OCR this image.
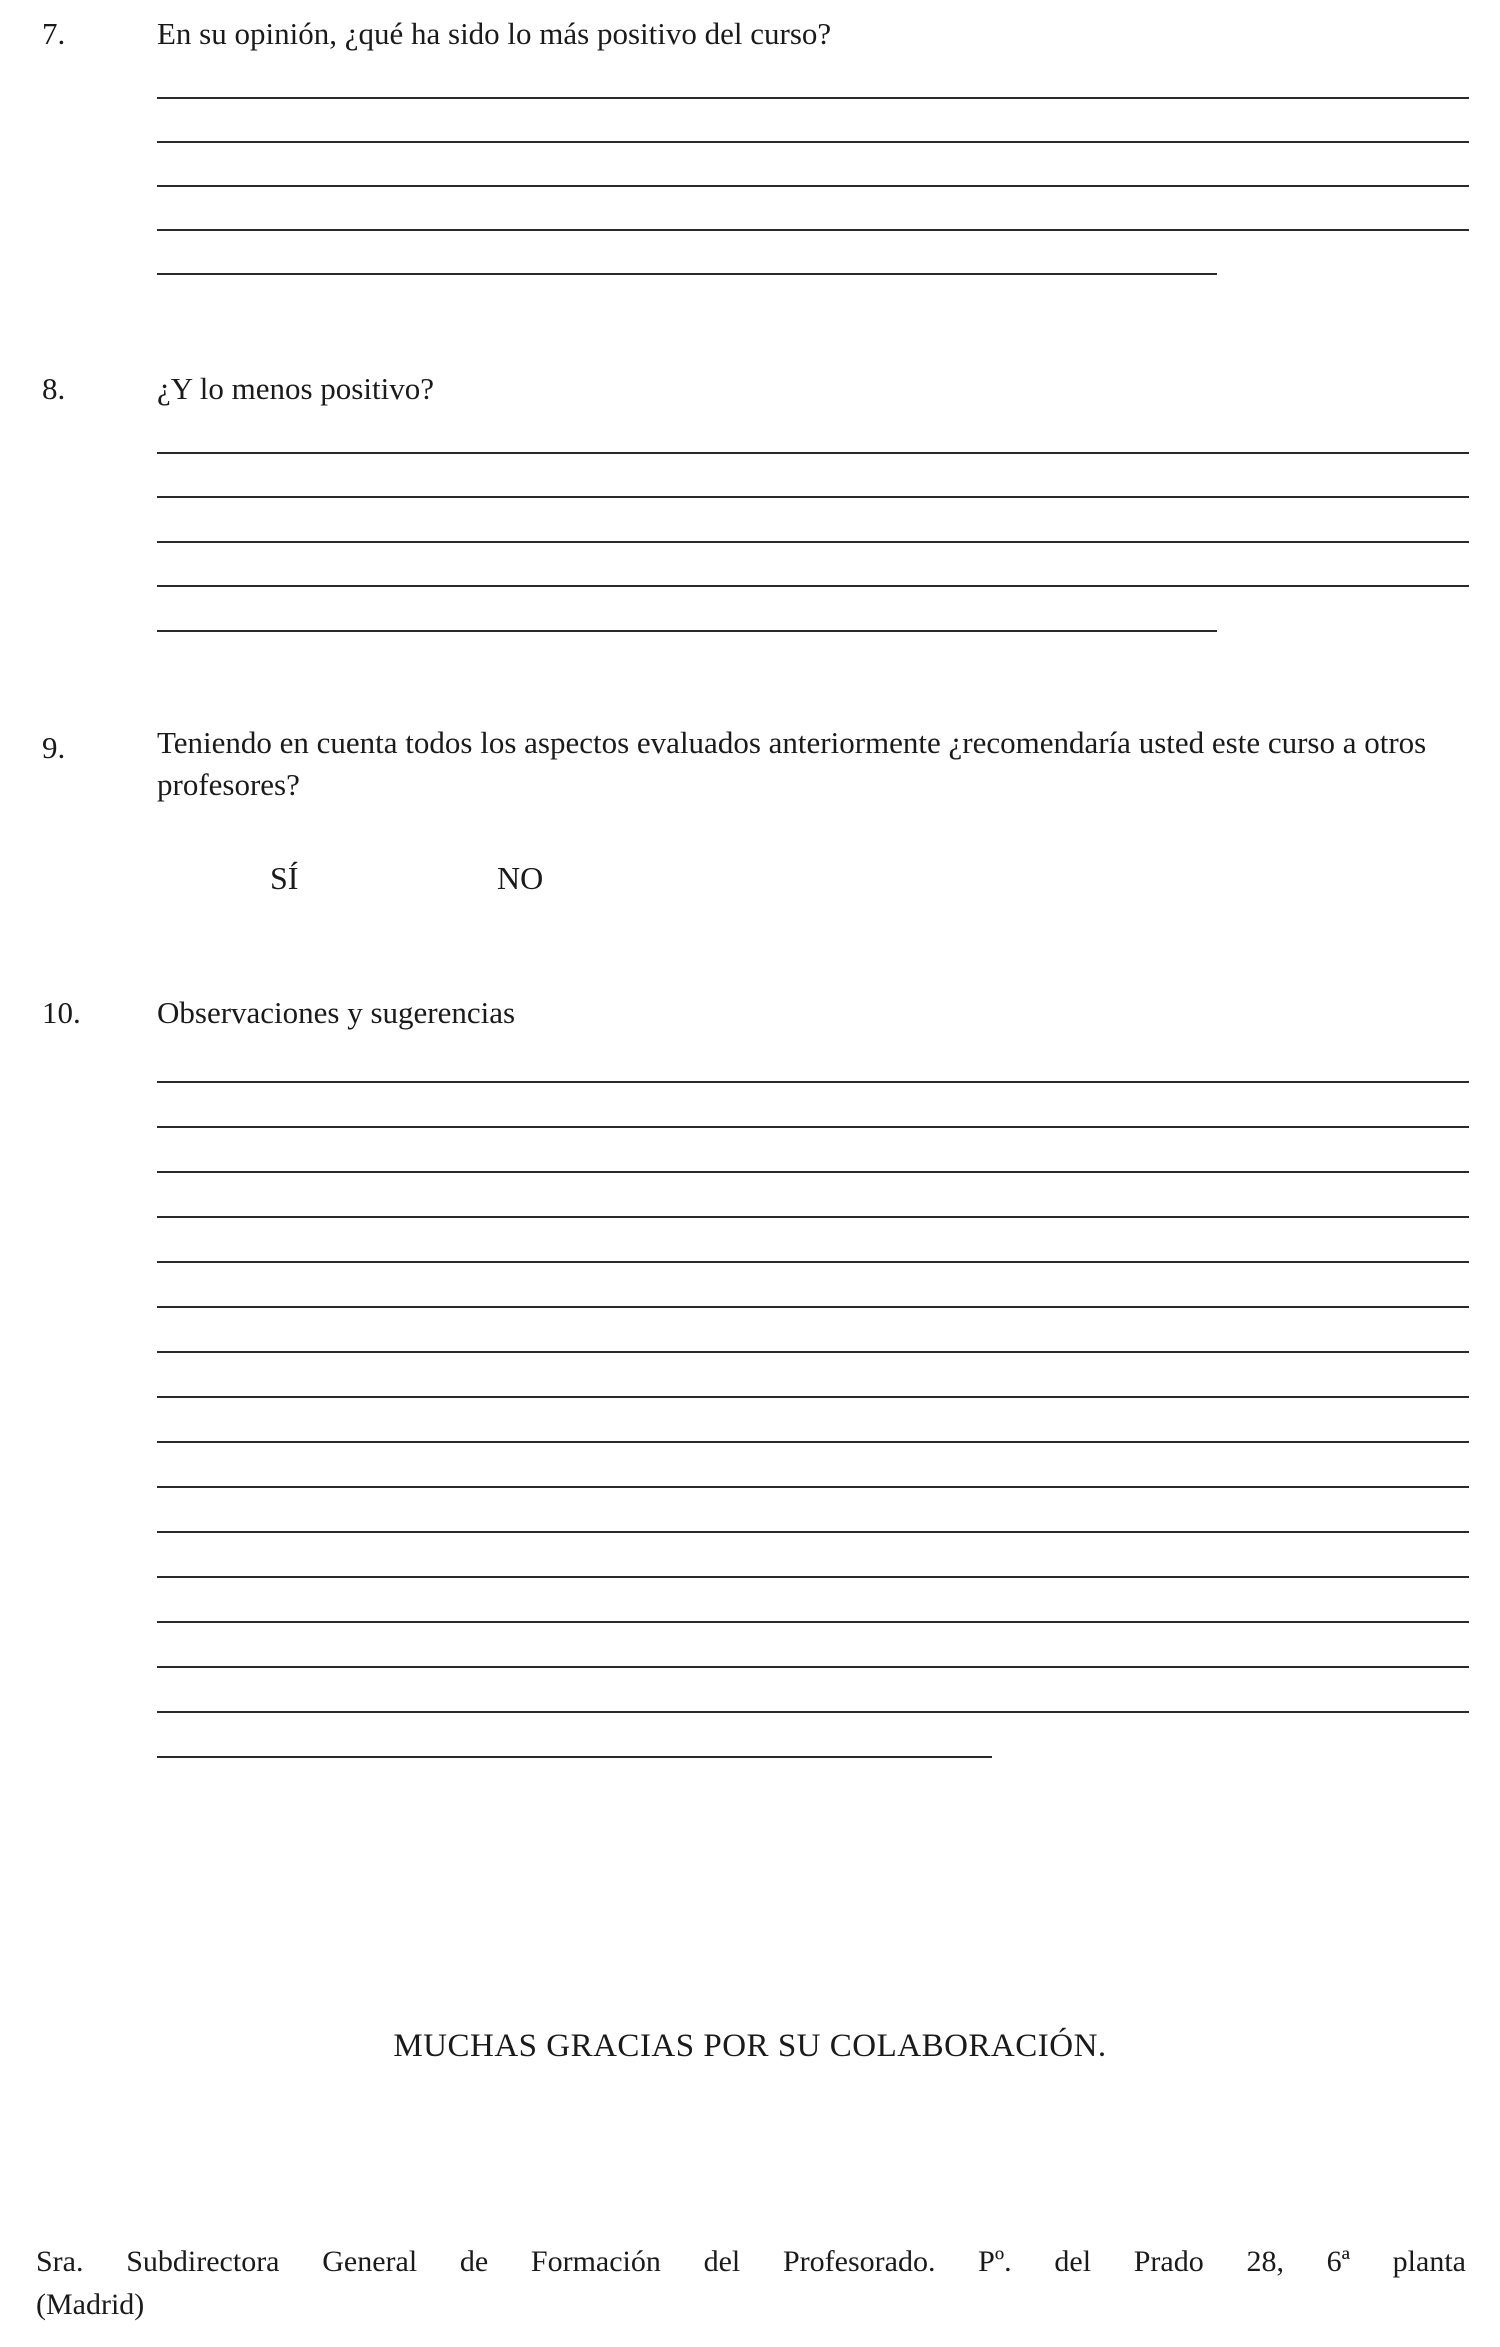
7.	En su opinión, ¿qué ha sido lo más positivo del curso?
8.	¿Y lo menos positivo?
9.	Teniendo en cuenta todos los aspectos evaluados anteriormente ¿recomendaría usted este curso a otros profesores?
SÍ	NO
10. Observaciones y sugerencias
MUCHAS GRACIAS POR SU COLABORACIÓN.
Sra. Subdirectora General de Formación del Profesorado. Pº. del Prado 28, 6ª planta
(Madrid)
